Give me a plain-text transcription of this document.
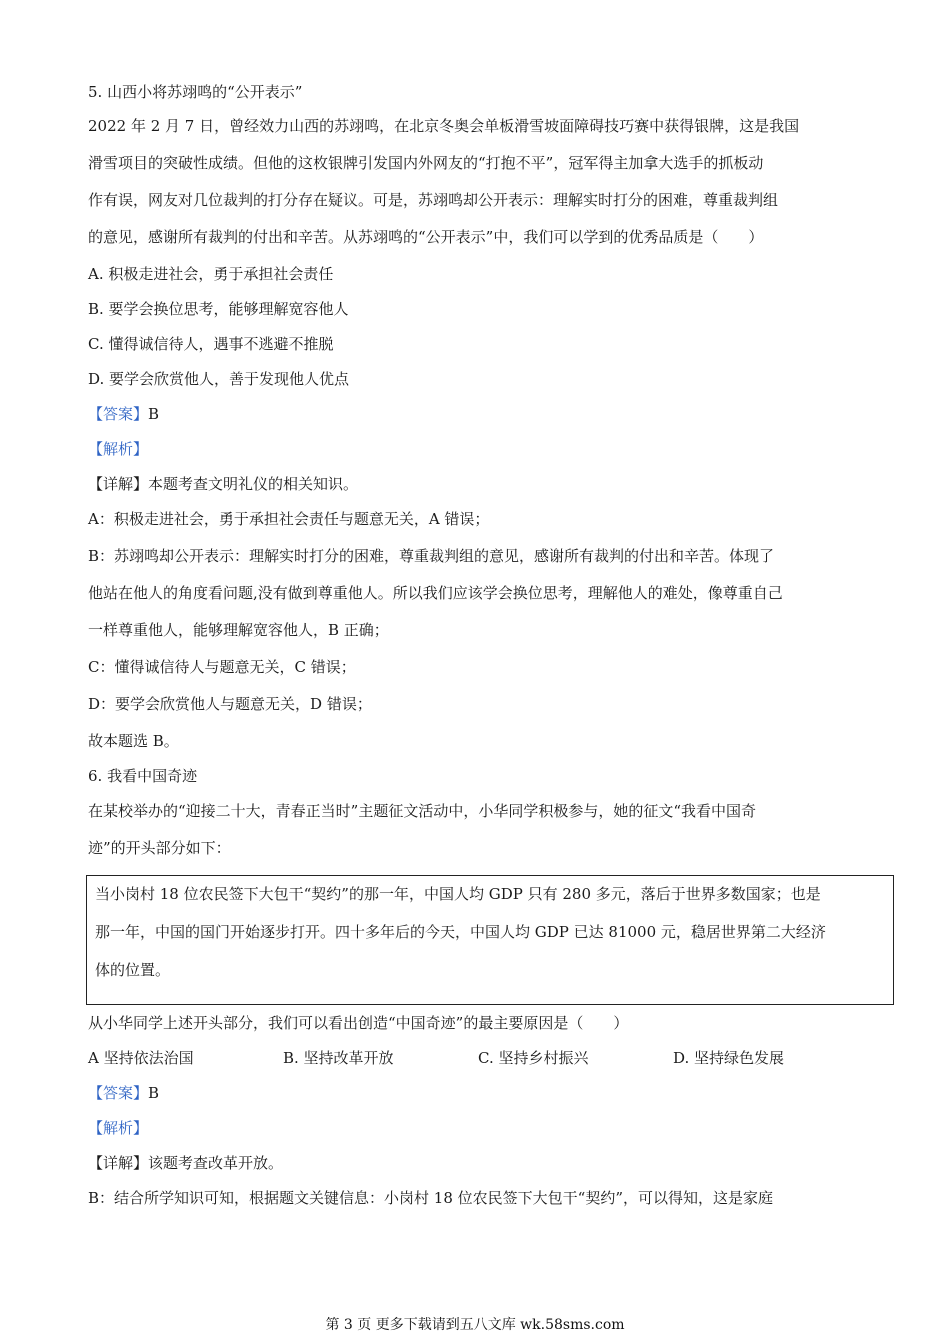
5. 山西小将苏翊鸣的“公开表示”

2022 年 2 月 7 日，曾经效力山西的苏翊鸣，在北京冬奥会单板滑雪坡面障碍技巧赛中获得银牌，这是我国

滑雪项目的突破性成绩。但他的这枚银牌引发国内外网友的“打抱不平”，冠军得主加拿大选手的抓板动

作有误，网友对几位裁判的打分存在疑议。可是，苏翊鸣却公开表示：理解实时打分的困难，尊重裁判组

的意见，感谢所有裁判的付出和辛苦。从苏翊鸣的“公开表示”中，我们可以学到的优秀品质是（　　）

A. 积极走进社会，勇于承担社会责任

B. 要学会换位思考，能够理解宽容他人

C. 懂得诚信待人，遇事不逃避不推脱

D. 要学会欣赏他人，善于发现他人优点

【答案】B

【解析】

【详解】本题考查文明礼仪的相关知识。

A：积极走进社会，勇于承担社会责任与题意无关，A 错误；

B：苏翊鸣却公开表示：理解实时打分的困难，尊重裁判组的意见，感谢所有裁判的付出和辛苦。体现了

他站在他人的角度看问题,没有做到尊重他人。所以我们应该学会换位思考，理解他人的难处，像尊重自己

一样尊重他人，能够理解宽容他人，B 正确；

C：懂得诚信待人与题意无关，C 错误；

D：要学会欣赏他人与题意无关，D 错误；

故本题选 B。

6. 我看中国奇迹

在某校举办的“迎接二十大，青春正当时”主题征文活动中，小华同学积极参与，她的征文“我看中国奇

迹”的开头部分如下：

当小岗村 18 位农民签下大包干“契约”的那一年，中国人均 GDP 只有 280 多元，落后于世界多数国家；也是

那一年，中国的国门开始逐步打开。四十多年后的今天，中国人均 GDP 已达 81000 元，稳居世界第二大经济

体的位置。

从小华同学上述开头部分，我们可以看出创造“中国奇迹”的最主要原因是（　　）

A 坚持依法治国	B. 坚持改革开放	C. 坚持乡村振兴	D. 坚持绿色发展

【答案】B

【解析】

【详解】该题考查改革开放。

B：结合所学知识可知，根据题文关键信息：小岗村 18 位农民签下大包干“契约”，可以得知，这是家庭

第 3 页 更多下载请到五八文库 wk.58sms.com
